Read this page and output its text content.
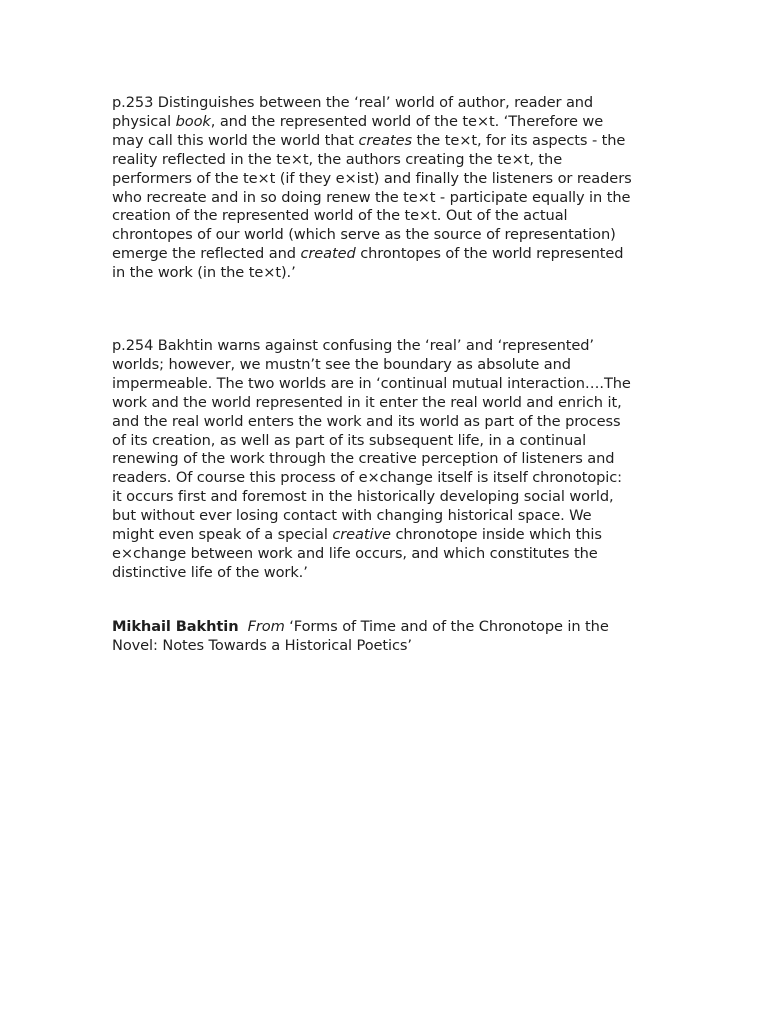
p.253 Distinguishes between the ‘real’ world of author, reader and
physical book, and the represented world of the te×t. ‘Therefore we
may call this world the world that creates the te×t, for its aspects - the
reality reflected in the te×t, the authors creating the te×t, the
performers of the te×t (if they e×ist) and finally the listeners or readers
who recreate and in so doing renew the te×t - participate equally in the
creation of the represented world of the te×t. Out of the actual
chrontopes of our world (which serve as the source of representation)
emerge the reflected and created chrontopes of the world represented
in the work (in the te×t).’

p.254 Bakhtin warns against confusing the ‘real’ and ‘represented’
worlds; however, we mustn’t see the boundary as absolute and
impermeable. The two worlds are in ‘continual mutual interaction….The
work and the world represented in it enter the real world and enrich it,
and the real world enters the work and its world as part of the process
of its creation, as well as part of its subsequent life, in a continual
renewing of the work through the creative perception of listeners and
readers. Of course this process of e×change itself is itself chronotopic:
it occurs first and foremost in the historically developing social world,
but without ever losing contact with changing historical space. We
might even speak of a special creative chronotope inside which this
e×change between work and life occurs, and which constitutes the
distinctive life of the work.’

Mikhail Bakhtin From ‘Forms of Time and of the Chronotope in the
Novel: Notes Towards a Historical Poetics’
